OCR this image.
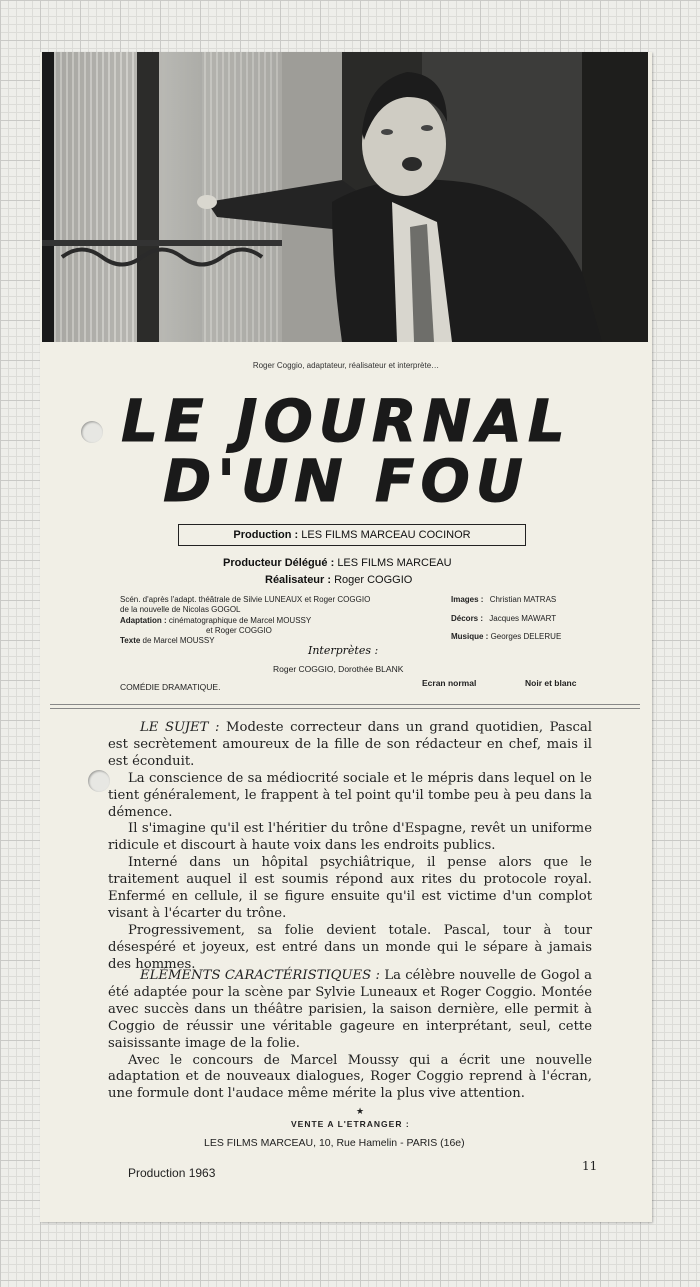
Roger Coggio, adaptateur, réalisateur et interprète…
LE JOURNAL
D'UN FOU
Production : LES FILMS MARCEAU COCINOR
Producteur Délégué : LES FILMS MARCEAU
Réalisateur : Roger COGGIO
Scén. d'après l'adapt. théâtrale de Silvie LUNEAUX et Roger COGGIO
de la nouvelle de Nicolas GOGOL
Adaptation : cinématographique de Marcel MOUSSY
et Roger COGGIO
Texte de Marcel MOUSSY
Images : Christian MATRAS
Décors : Jacques MAWART
Musique : Georges DELERUE
Interprètes :
Roger COGGIO, Dorothée BLANK
COMÉDIE DRAMATIQUE.	Ecran normal	Noir et blanc

LE SUJET : Modeste correcteur dans un grand quotidien, Pascal est secrètement amoureux de la fille de son rédacteur en chef, mais il est éconduit.

La conscience de sa médiocrité sociale et le mépris dans lequel on le tient généralement, le frappent à tel point qu'il tombe peu à peu dans la démence.

Il s'imagine qu'il est l'héritier du trône d'Espagne, revêt un uniforme ridicule et discourt à haute voix dans les endroits publics.

Interné dans un hôpital psychiâtrique, il pense alors que le traitement auquel il est soumis répond aux rites du protocole royal. Enfermé en cellule, il se figure ensuite qu'il est victime d'un complot visant à l'écarter du trône.

Progressivement, sa folie devient totale. Pascal, tour à tour désespéré et joyeux, est entré dans un monde qui le sépare à jamais des hommes.

ÉLÉMENTS CARACTÉRISTIQUES : La célèbre nouvelle de Gogol a été adaptée pour la scène par Sylvie Luneaux et Roger Coggio. Montée avec succès dans un théâtre parisien, la saison dernière, elle permit à Coggio de réussir une véritable gageure en interprétant, seul, cette saisissante image de la folie.

Avec le concours de Marcel Moussy qui a écrit une nouvelle adaptation et de nouveaux dialogues, Roger Coggio reprend à l'écran, une formule dont l'audace même mérite la plus vive attention.

★
VENTE A L'ETRANGER :
LES FILMS MARCEAU, 10, Rue Hamelin - PARIS (16e)
Production 1963	11
